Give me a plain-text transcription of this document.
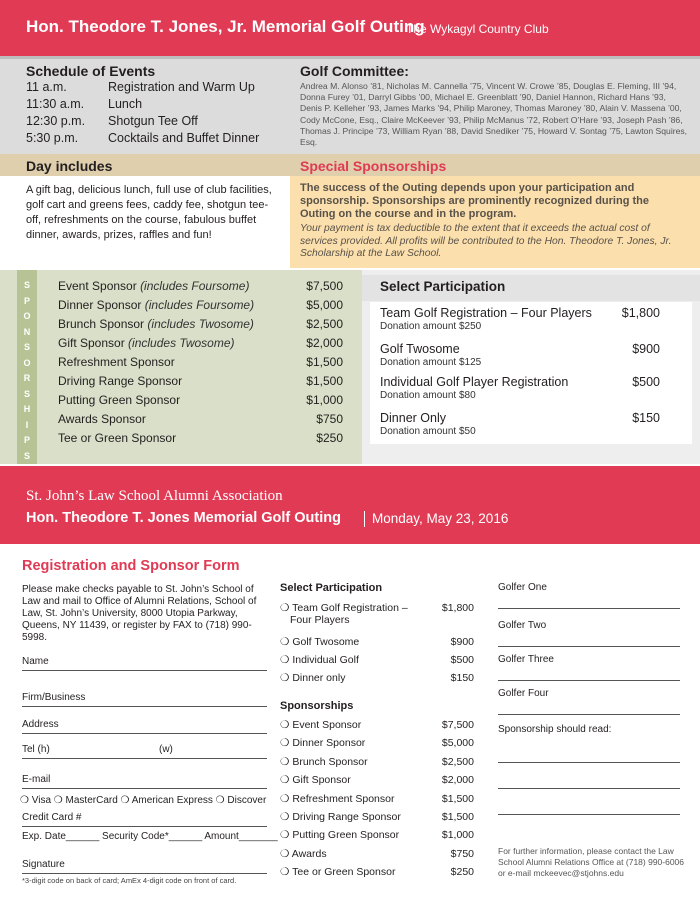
Hon. Theodore T. Jones, Jr. Memorial Golf Outing
The Wykagyl Country Club
Schedule of Events
11 a.m.	Registration and Warm Up
11:30 a.m.	Lunch
12:30 p.m.	Shotgun Tee Off
5:30 p.m.	Cocktails and Buffet Dinner
Golf Committee:
Andrea M. Alonso ’81, Nicholas M. Cannella ’75, Vincent W. Crowe ’85, Douglas E. Fleming, III ’94, Donna Furey ’01, Darryl Gibbs ’00, Michael E. Greenblatt ’90, Daniel Hannon, Richard Hans ’93, Denis P. Kelleher ’93, James Marks ’94, Philip Maroney, Thomas Maroney ’80, Alain V. Massena ’00, Cody McCone, Esq., Claire McKeever ’93, Philip McManus ’72, Robert O’Hare ’93, Joseph Pash ’86, Thomas J. Principe ’73, William Ryan ’88, David Snediker ’75, Howard V. Sontag ’75, Lawton Squires, Esq.
Day includes	Special Sponsorships

A gift bag, delicious lunch, full use of club facilities, golf cart and greens fees, caddy fee, shotgun tee-off, refreshments on the course, fabulous buffet dinner, awards, prizes, raffles and fun!

The success of the Outing depends upon your participation and sponsorship. Sponsorships are prominently recognized during the Outing on the course and in the program.
Your payment is tax deductible to the extent that it exceeds the actual cost of services provided. All profits will be contributed to the Hon. Theodore T. Jones, Jr. Scholarship at the Law School.
S
P
O
N
S
O
R
S
H
I
P
S
Event Sponsor (includes Foursome)	$7,500
Dinner Sponsor (includes Foursome)	$5,000
Brunch Sponsor (includes Twosome)	$2,500
Gift Sponsor (includes Twosome)	$2,000
Refreshment Sponsor	$1,500
Driving Range Sponsor	$1,500
Putting Green Sponsor	$1,000
Awards Sponsor	$750
Tee or Green Sponsor	$250
Select Participation
Team Golf Registration – Four Players $1,800
Donation amount $250
Golf Twosome	$900
Donation amount $125
Individual Golf Player Registration	$500
Donation amount $80
Dinner Only	$150
Donation amount $50
St. John’s Law School Alumni Association
Hon. Theodore T. Jones Memorial Golf Outing Monday, May 23, 2016
Registration and Sponsor Form
Please make checks payable to St. John’s School of Law and mail to Office of Alumni Relations, School of Law, St. John’s University, 8000 Utopia Parkway, Queens, NY 11439, or register by FAX to (718) 990-5998.
Name
Firm/Business
Address
Tel (h)	(w)
E-mail
❍ Visa ❍ MasterCard ❍ American Express ❍ Discover
Credit Card #
Exp. Date______ Security Code*______ Amount_______
Signature
*3-digit code on back of card; AmEx 4-digit code on front of card.
Select Participation
❍ Team Golf Registration –
Four Players
$1,800
❍ Golf Twosome	$900
❍ Individual Golf	$500
❍ Dinner only	$150
Sponsorships
❍ Event Sponsor	$7,500
❍ Dinner Sponsor	$5,000
❍ Brunch Sponsor	$2,500
❍ Gift Sponsor	$2,000
❍ Refreshment Sponsor	$1,500
❍ Driving Range Sponsor	$1,500
❍ Putting Green Sponsor	$1,000
❍ Awards	$750
❍ Tee or Green Sponsor	$250
Golfer One
Golfer Two
Golfer Three
Golfer Four
Sponsorship should read:
For further information, please contact the Law School Alumni Relations Office at (718) 990-6006 or e-mail mckeevec@stjohns.edu
